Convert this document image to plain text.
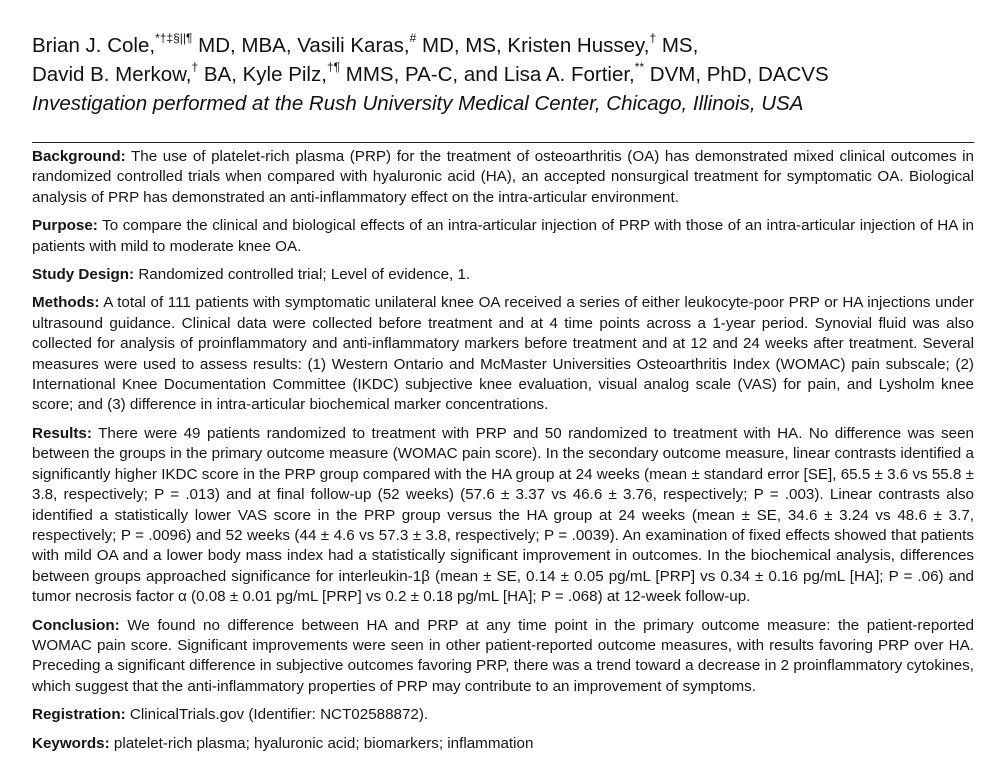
Brian J. Cole,*†‡§||¶ MD, MBA, Vasili Karas,# MD, MS, Kristen Hussey,† MS,

David B. Merkow,† BA, Kyle Pilz,†¶ MMS, PA-C, and Lisa A. Fortier,** DVM, PhD, DACVS

Investigation performed at the Rush University Medical Center, Chicago, Illinois, USA

Background: The use of platelet-rich plasma (PRP) for the treatment of osteoarthritis (OA) has demonstrated mixed clinical outcomes in randomized controlled trials when compared with hyaluronic acid (HA), an accepted nonsurgical treatment for symptomatic OA. Biological analysis of PRP has demonstrated an anti-inflammatory effect on the intra-articular environment.

Purpose: To compare the clinical and biological effects of an intra-articular injection of PRP with those of an intra-articular injection of HA in patients with mild to moderate knee OA.

Study Design: Randomized controlled trial; Level of evidence, 1.

Methods: A total of 111 patients with symptomatic unilateral knee OA received a series of either leukocyte-poor PRP or HA injections under ultrasound guidance. Clinical data were collected before treatment and at 4 time points across a 1-year period. Synovial fluid was also collected for analysis of proinflammatory and anti-inflammatory markers before treatment and at 12 and 24 weeks after treatment. Several measures were used to assess results: (1) Western Ontario and McMaster Universities Osteoarthritis Index (WOMAC) pain subscale; (2) International Knee Documentation Committee (IKDC) subjective knee evaluation, visual analog scale (VAS) for pain, and Lysholm knee score; and (3) difference in intra-articular biochemical marker concentrations.

Results: There were 49 patients randomized to treatment with PRP and 50 randomized to treatment with HA. No difference was seen between the groups in the primary outcome measure (WOMAC pain score). In the secondary outcome measure, linear contrasts identified a significantly higher IKDC score in the PRP group compared with the HA group at 24 weeks (mean ± standard error [SE], 65.5 ± 3.6 vs 55.8 ± 3.8, respectively; P = .013) and at final follow-up (52 weeks) (57.6 ± 3.37 vs 46.6 ± 3.76, respectively; P = .003). Linear contrasts also identified a statistically lower VAS score in the PRP group versus the HA group at 24 weeks (mean ± SE, 34.6 ± 3.24 vs 48.6 ± 3.7, respectively; P = .0096) and 52 weeks (44 ± 4.6 vs 57.3 ± 3.8, respectively; P = .0039). An examination of fixed effects showed that patients with mild OA and a lower body mass index had a statistically significant improvement in outcomes. In the biochemical analysis, differences between groups approached significance for interleukin-1β (mean ± SE, 0.14 ± 0.05 pg/mL [PRP] vs 0.34 ± 0.16 pg/mL [HA]; P = .06) and tumor necrosis factor α (0.08 ± 0.01 pg/mL [PRP] vs 0.2 ± 0.18 pg/mL [HA]; P = .068) at 12-week follow-up.

Conclusion: We found no difference between HA and PRP at any time point in the primary outcome measure: the patient-reported WOMAC pain score. Significant improvements were seen in other patient-reported outcome measures, with results favoring PRP over HA. Preceding a significant difference in subjective outcomes favoring PRP, there was a trend toward a decrease in 2 proinflammatory cytokines, which suggest that the anti-inflammatory properties of PRP may contribute to an improvement of symptoms.

Registration: ClinicalTrials.gov (Identifier: NCT02588872).

Keywords: platelet-rich plasma; hyaluronic acid; biomarkers; inflammation
